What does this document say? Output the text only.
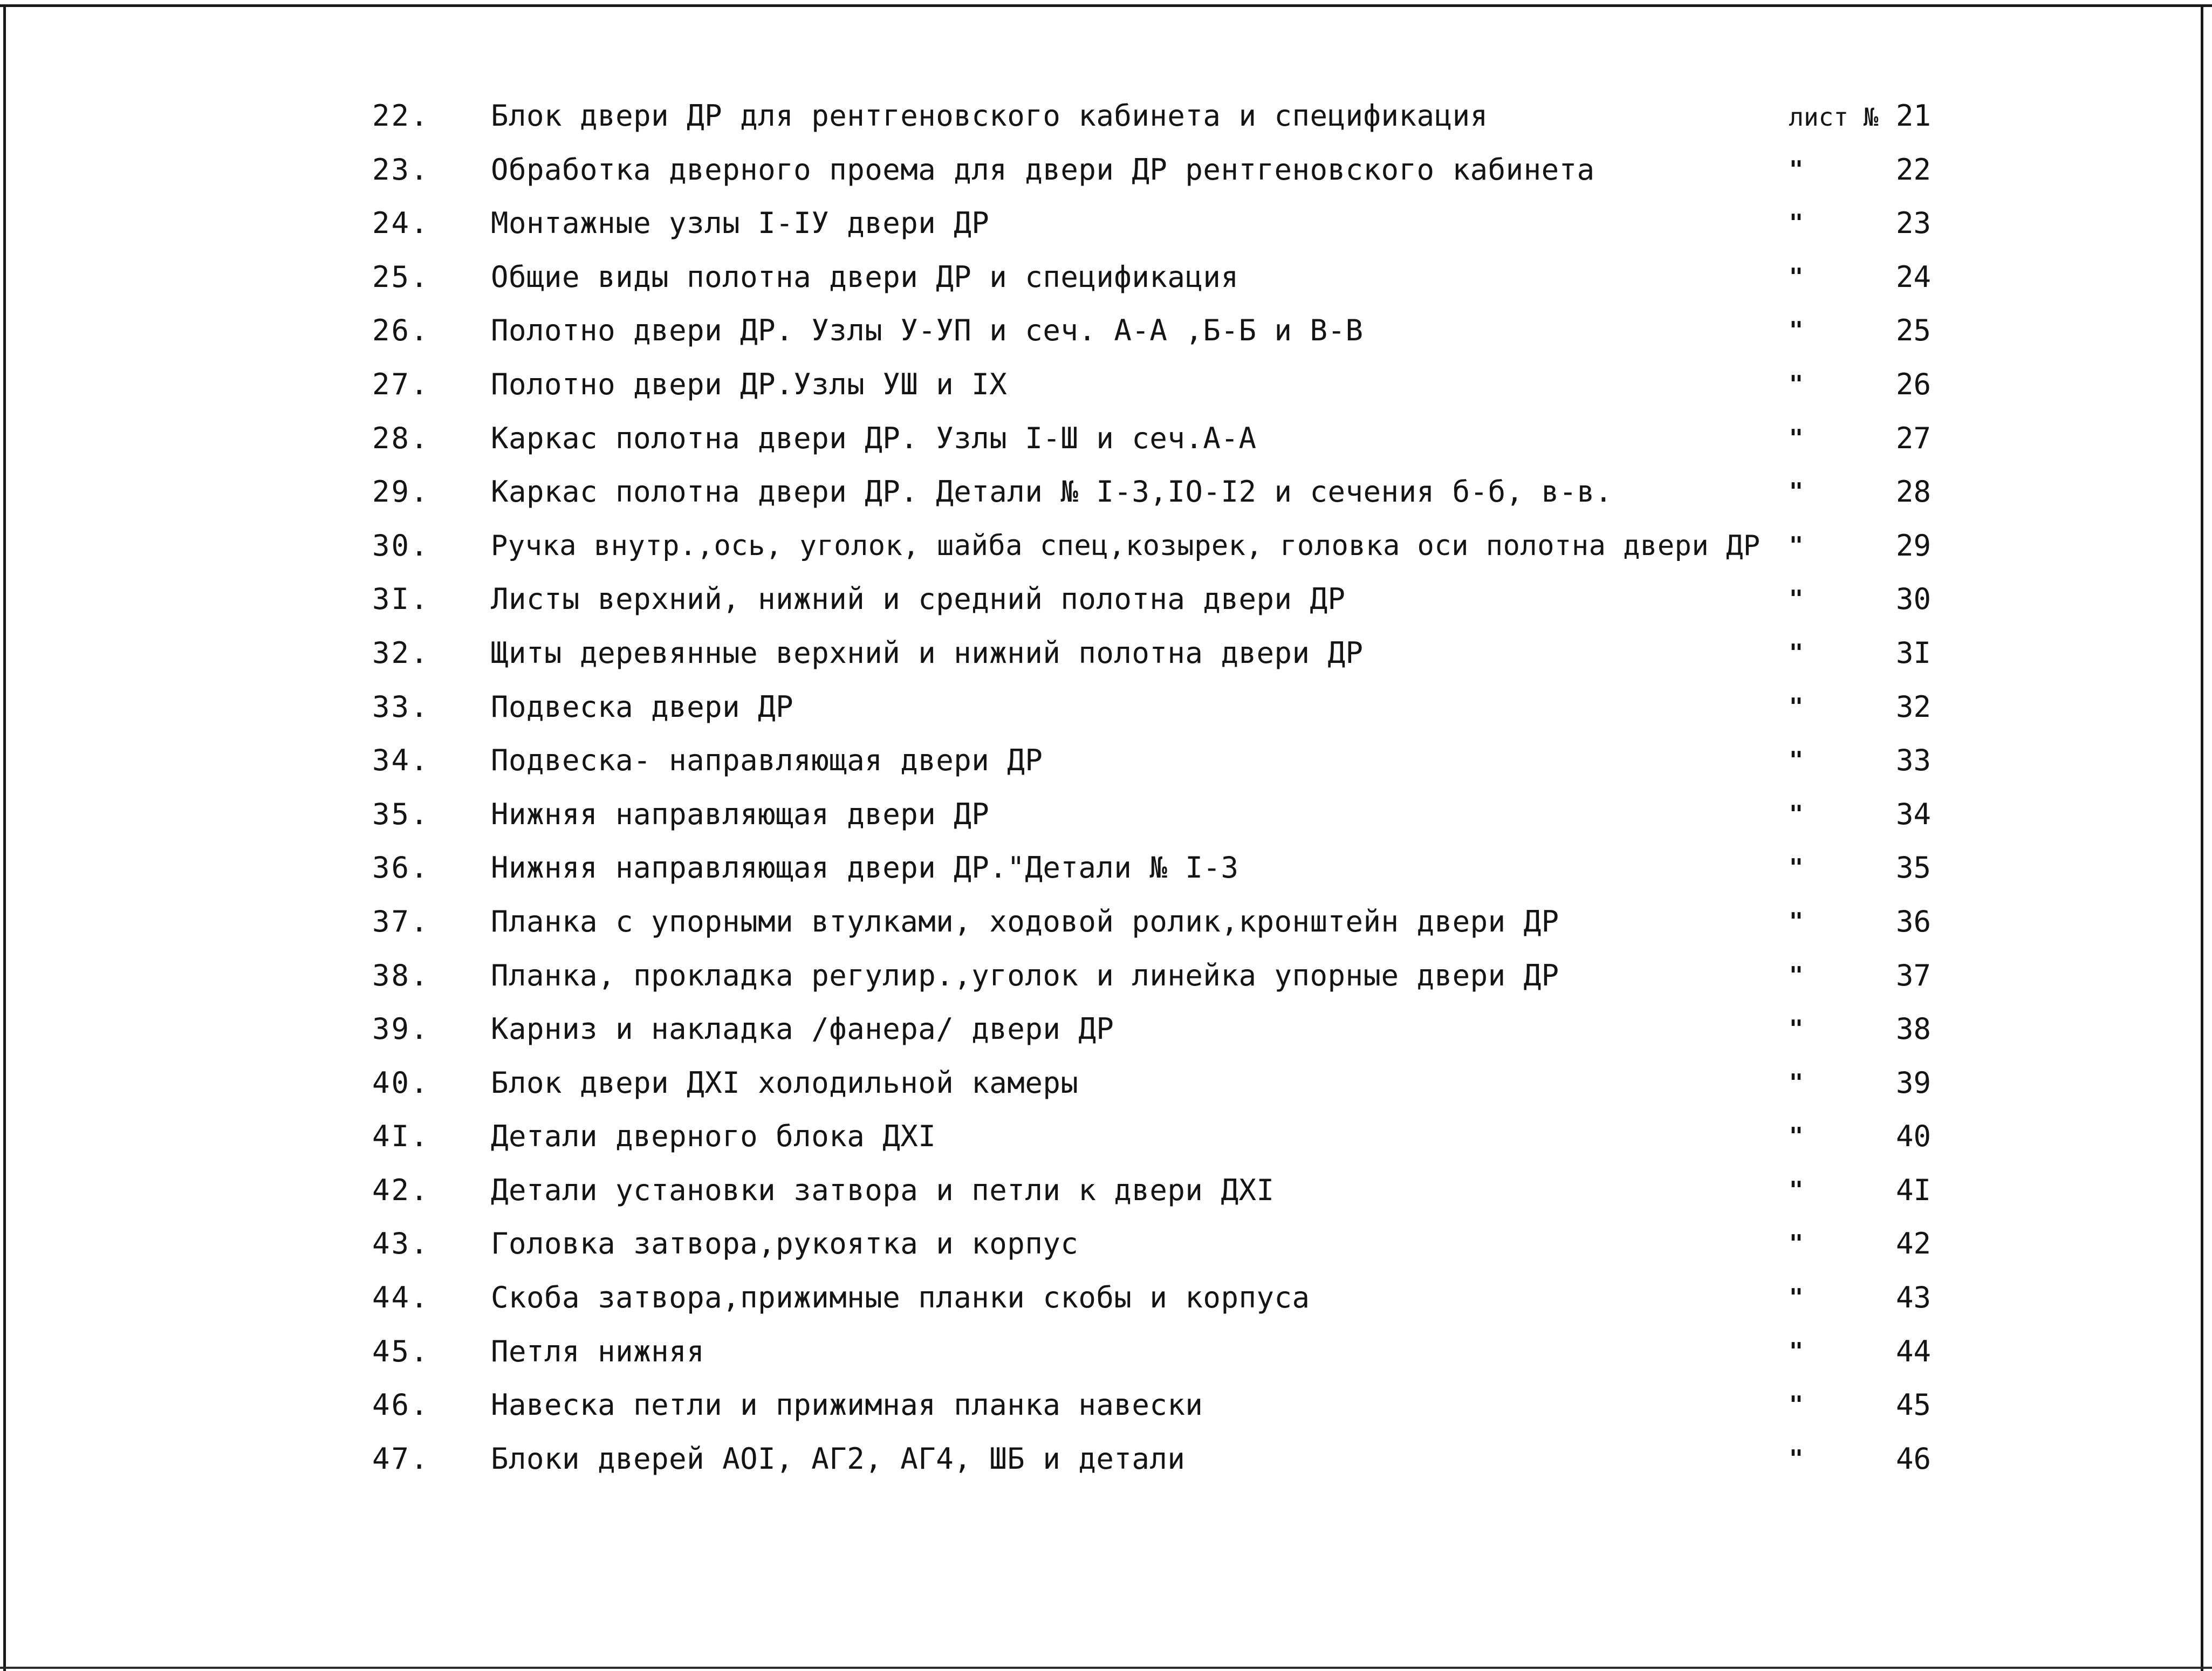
22. Блок двери ДР для рентгеновского кабинета и спецификация	лист № 21
23. Обработка дверного проема для двери ДР рентгеновского кабинета	"	22
24. Монтажные узлы I-IУ двери ДР	"	23
25. Общие виды полотна двери ДР и спецификация	"	24
26. Полотно двери ДР. Узлы У-УП и сеч. А-А ,Б-Б и В-В	"	25
27. Полотно двери ДР.Узлы УШ и IX	"	26
28. Каркас полотна двери ДР. Узлы I-Ш и сеч.А-А	"	27
29. Каркас полотна двери ДР. Детали № I-3,IO-I2 и сечения б-б, в-в.	"	28
30. Ручка внутр.,ось, уголок, шайба спец,козырек, головка оси полотна двери ДР	"	29
3I. Листы верхний, нижний и средний полотна двери ДР	"	30
32. Щиты деревянные верхний и нижний полотна двери ДР	"	3I
33. Подвеска двери ДР	"	32
34. Подвеска- направляющая двери ДР	"	33
35. Нижняя направляющая двери ДР	"	34
36. Нижняя направляющая двери ДР."Детали № I-3	"	35
37. Планка с упорными втулками, ходовой ролик,кронштейн двери ДР	"	36
38. Планка, прокладка регулир.,уголок и линейка упорные двери ДР	"	37
39. Карниз и накладка /фанера/ двери ДР	"	38
40. Блок двери ДХI холодильной камеры	"	39
4I. Детали дверного блока ДХI	"	40
42. Детали установки затвора и петли к двери ДХI	"	4I
43. Головка затвора,рукоятка и корпус	"	42
44. Скоба затвора,прижимные планки скобы и корпуса	"	43
45. Петля нижняя	"	44
46. Навеска петли и прижимная планка навески	"	45
47. Блоки дверей АОI, АГ2, АГ4, ШБ и детали	"	46
